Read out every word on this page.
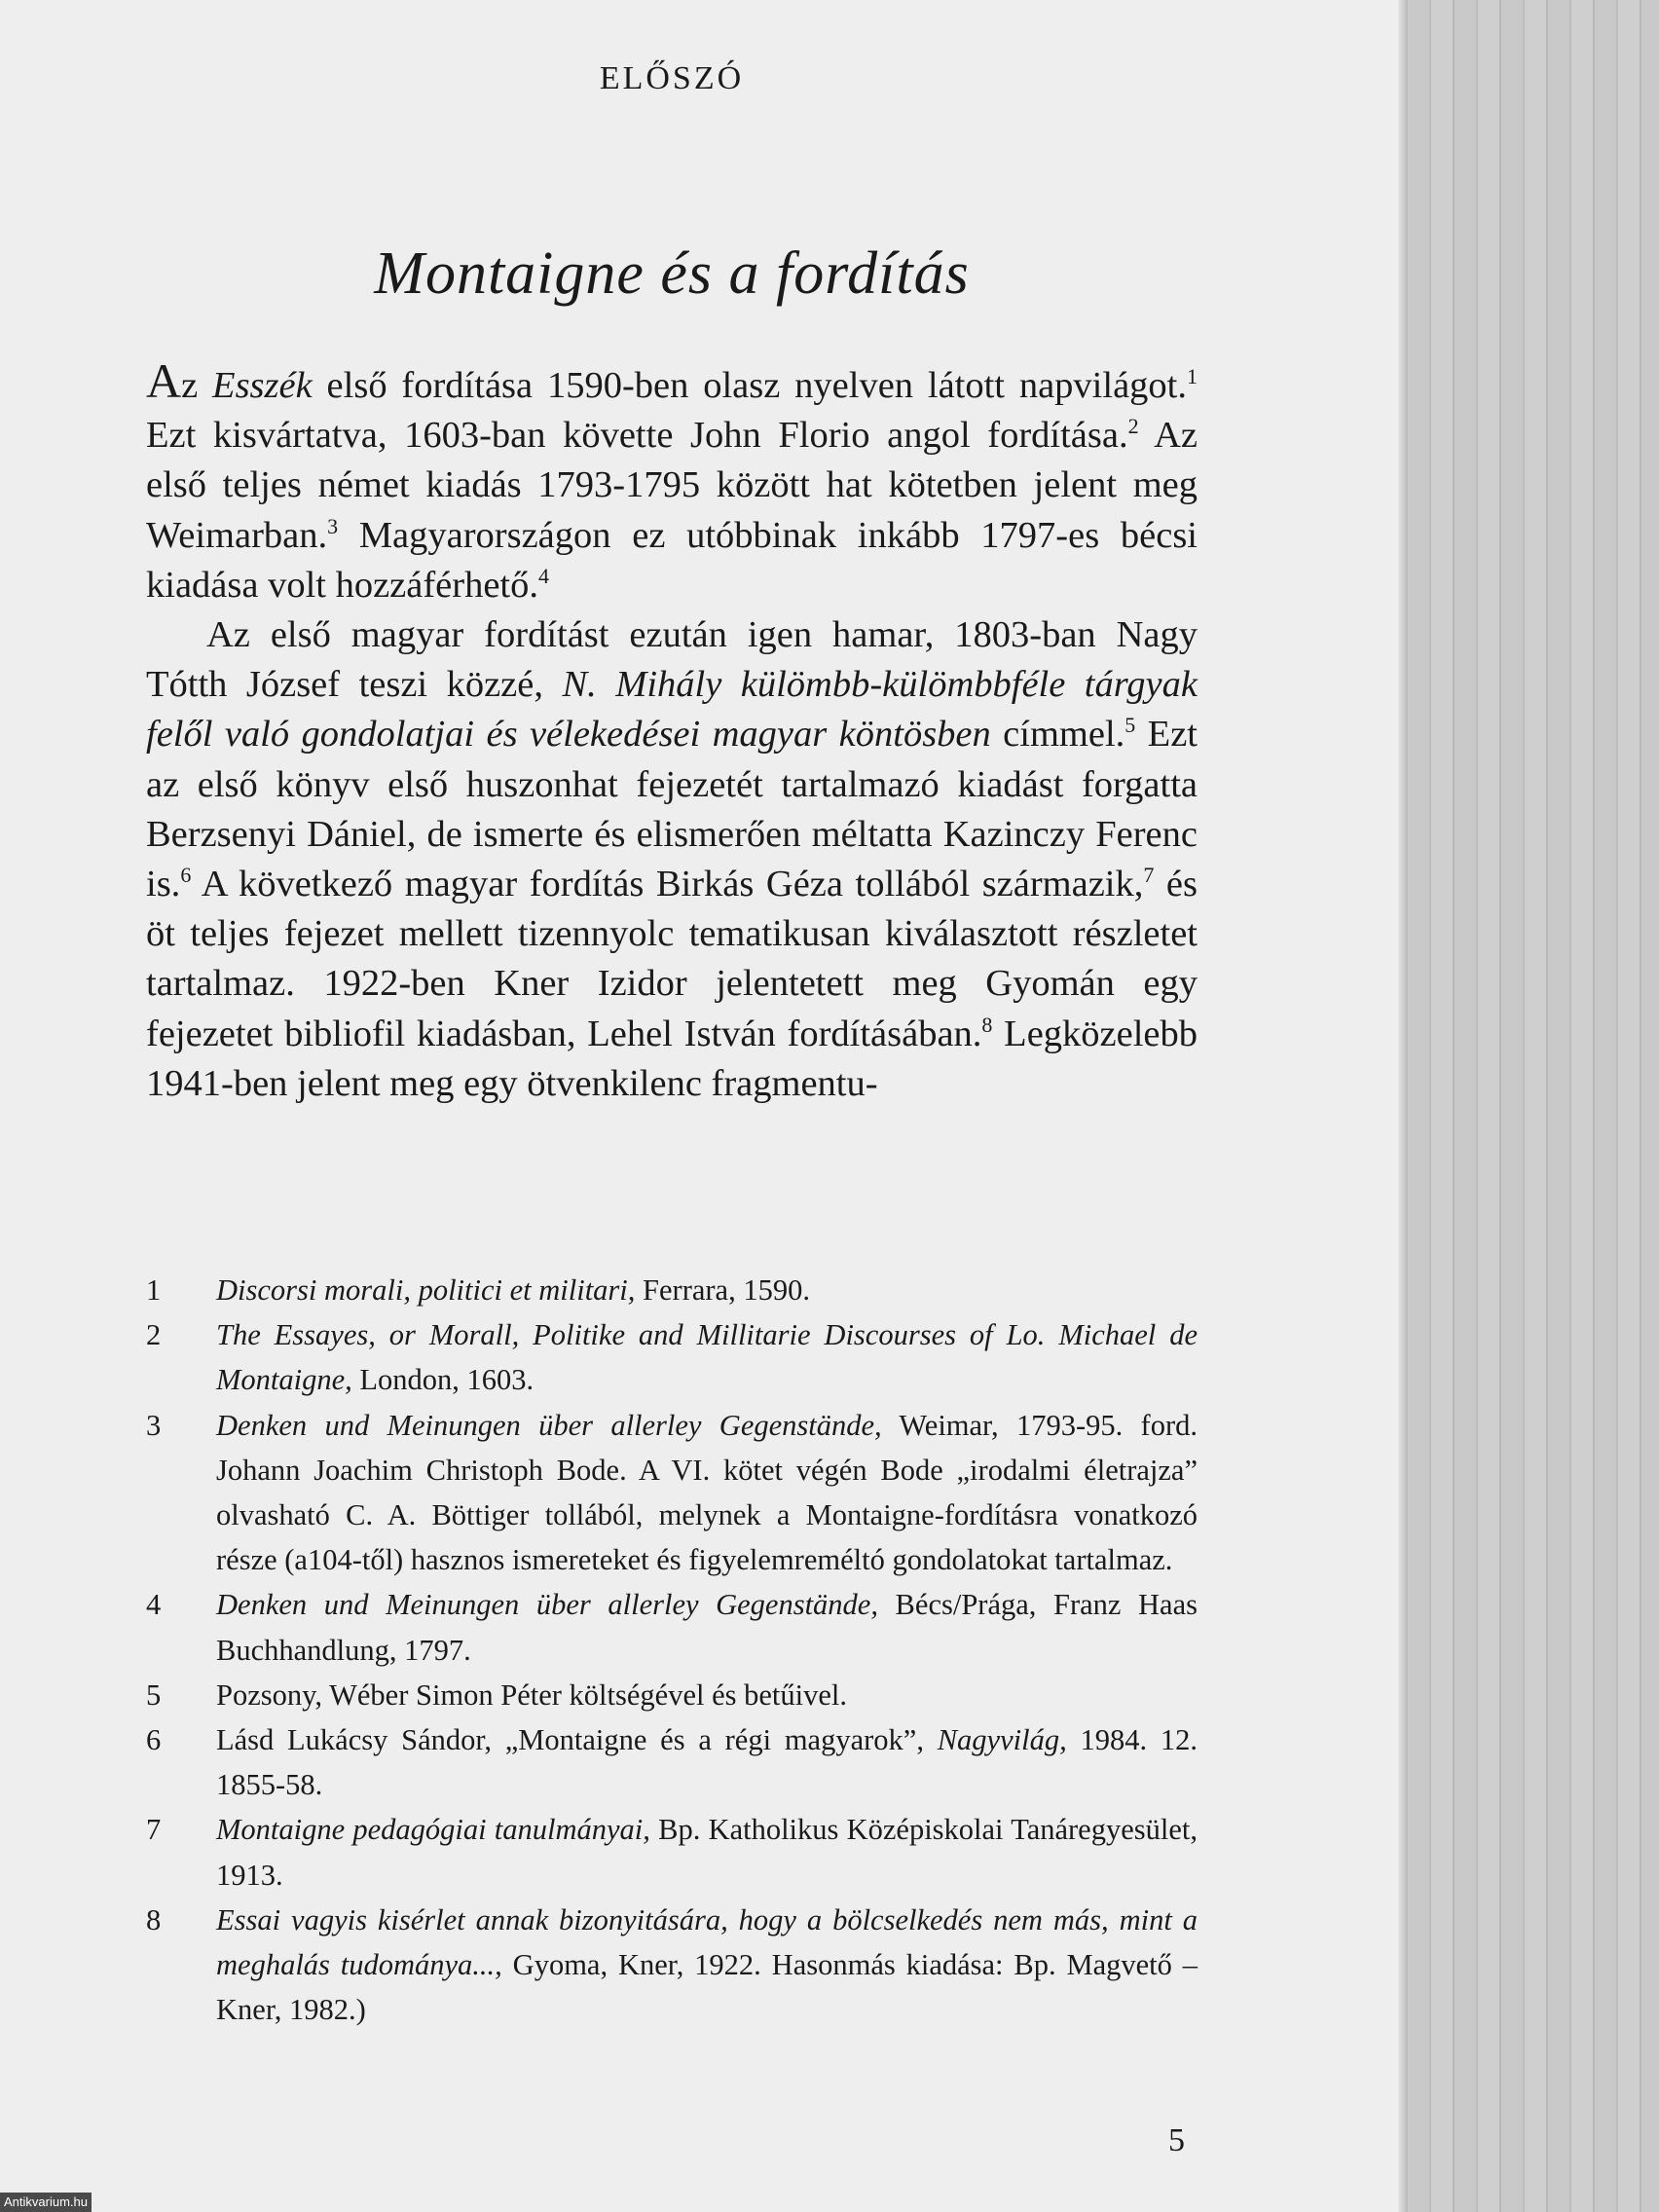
ELŐSZÓ
Montaigne és a fordítás

Az Esszék első fordítása 1590-ben olasz nyelven látott napvilágot.$^1$ Ezt kisvártatva, 1603-ban követte John Florio angol fordítása.$^2$ Az első teljes német kiadás 1793-1795 között hat kötetben jelent meg Weimarban.$^3$ Magyarországon ez utóbbinak inkább 1797-es bécsi kiadása volt hozzáférhető.$^4$

Az első magyar fordítást ezután igen hamar, 1803-ban Nagy Tótth József teszi közzé, N. Mihály külömbb-külömbbféle tárgyak felől való gondolatjai és vélekedései magyar köntösben címmel.$^5$ Ezt az első könyv első huszonhat fejezetét tartalmazó kiadást forgatta Berzsenyi Dániel, de ismerte és elismerően méltatta Kazinczy Ferenc is.$^6$ A következő magyar fordítás Birkás Géza tollából származik,$^7$ és öt teljes fejezet mellett tizennyolc tematikusan kiválasztott részletet tartalmaz. 1922-ben Kner Izidor jelentetett meg Gyomán egy fejezetet bibliofil kiadásban, Lehel István fordításában.$^8$ Legközelebb 1941-ben jelent meg egy ötvenkilenc fragmentu-

1	Discorsi morali, politici et militari, Ferrara, 1590.
2	The Essayes, or Morall, Politike and Millitarie Discourses of Lo. Michael de Montaigne, London, 1603.
3	Denken und Meinungen über allerley Gegenstände, Weimar, 1793-95. ford. Johann Joachim Christoph Bode. A VI. kötet végén Bode „irodalmi életrajza” olvasható C. A. Böttiger tollából, melynek a Montaigne-fordításra vonatkozó része (a104-től) hasznos ismereteket és figyelemreméltó gondolatokat tartalmaz.
4	Denken und Meinungen über allerley Gegenstände, Bécs/Prága, Franz Haas Buchhandlung, 1797.
5	Pozsony, Wéber Simon Péter költségével és betűivel.
6	Lásd Lukácsy Sándor, „Montaigne és a régi magyarok”, Nagyvilág, 1984. 12. 1855-58.
7	Montaigne pedagógiai tanulmányai, Bp. Katholikus Középiskolai Tanáregyesület, 1913.
8	Essai vagyis kisérlet annak bizonyitására, hogy a bölcselkedés nem más, mint a meghalás tudománya..., Gyoma, Kner, 1922. Hasonmás kiadása: Bp. Magvető – Kner, 1982.)
5
Antikvarium.hu
